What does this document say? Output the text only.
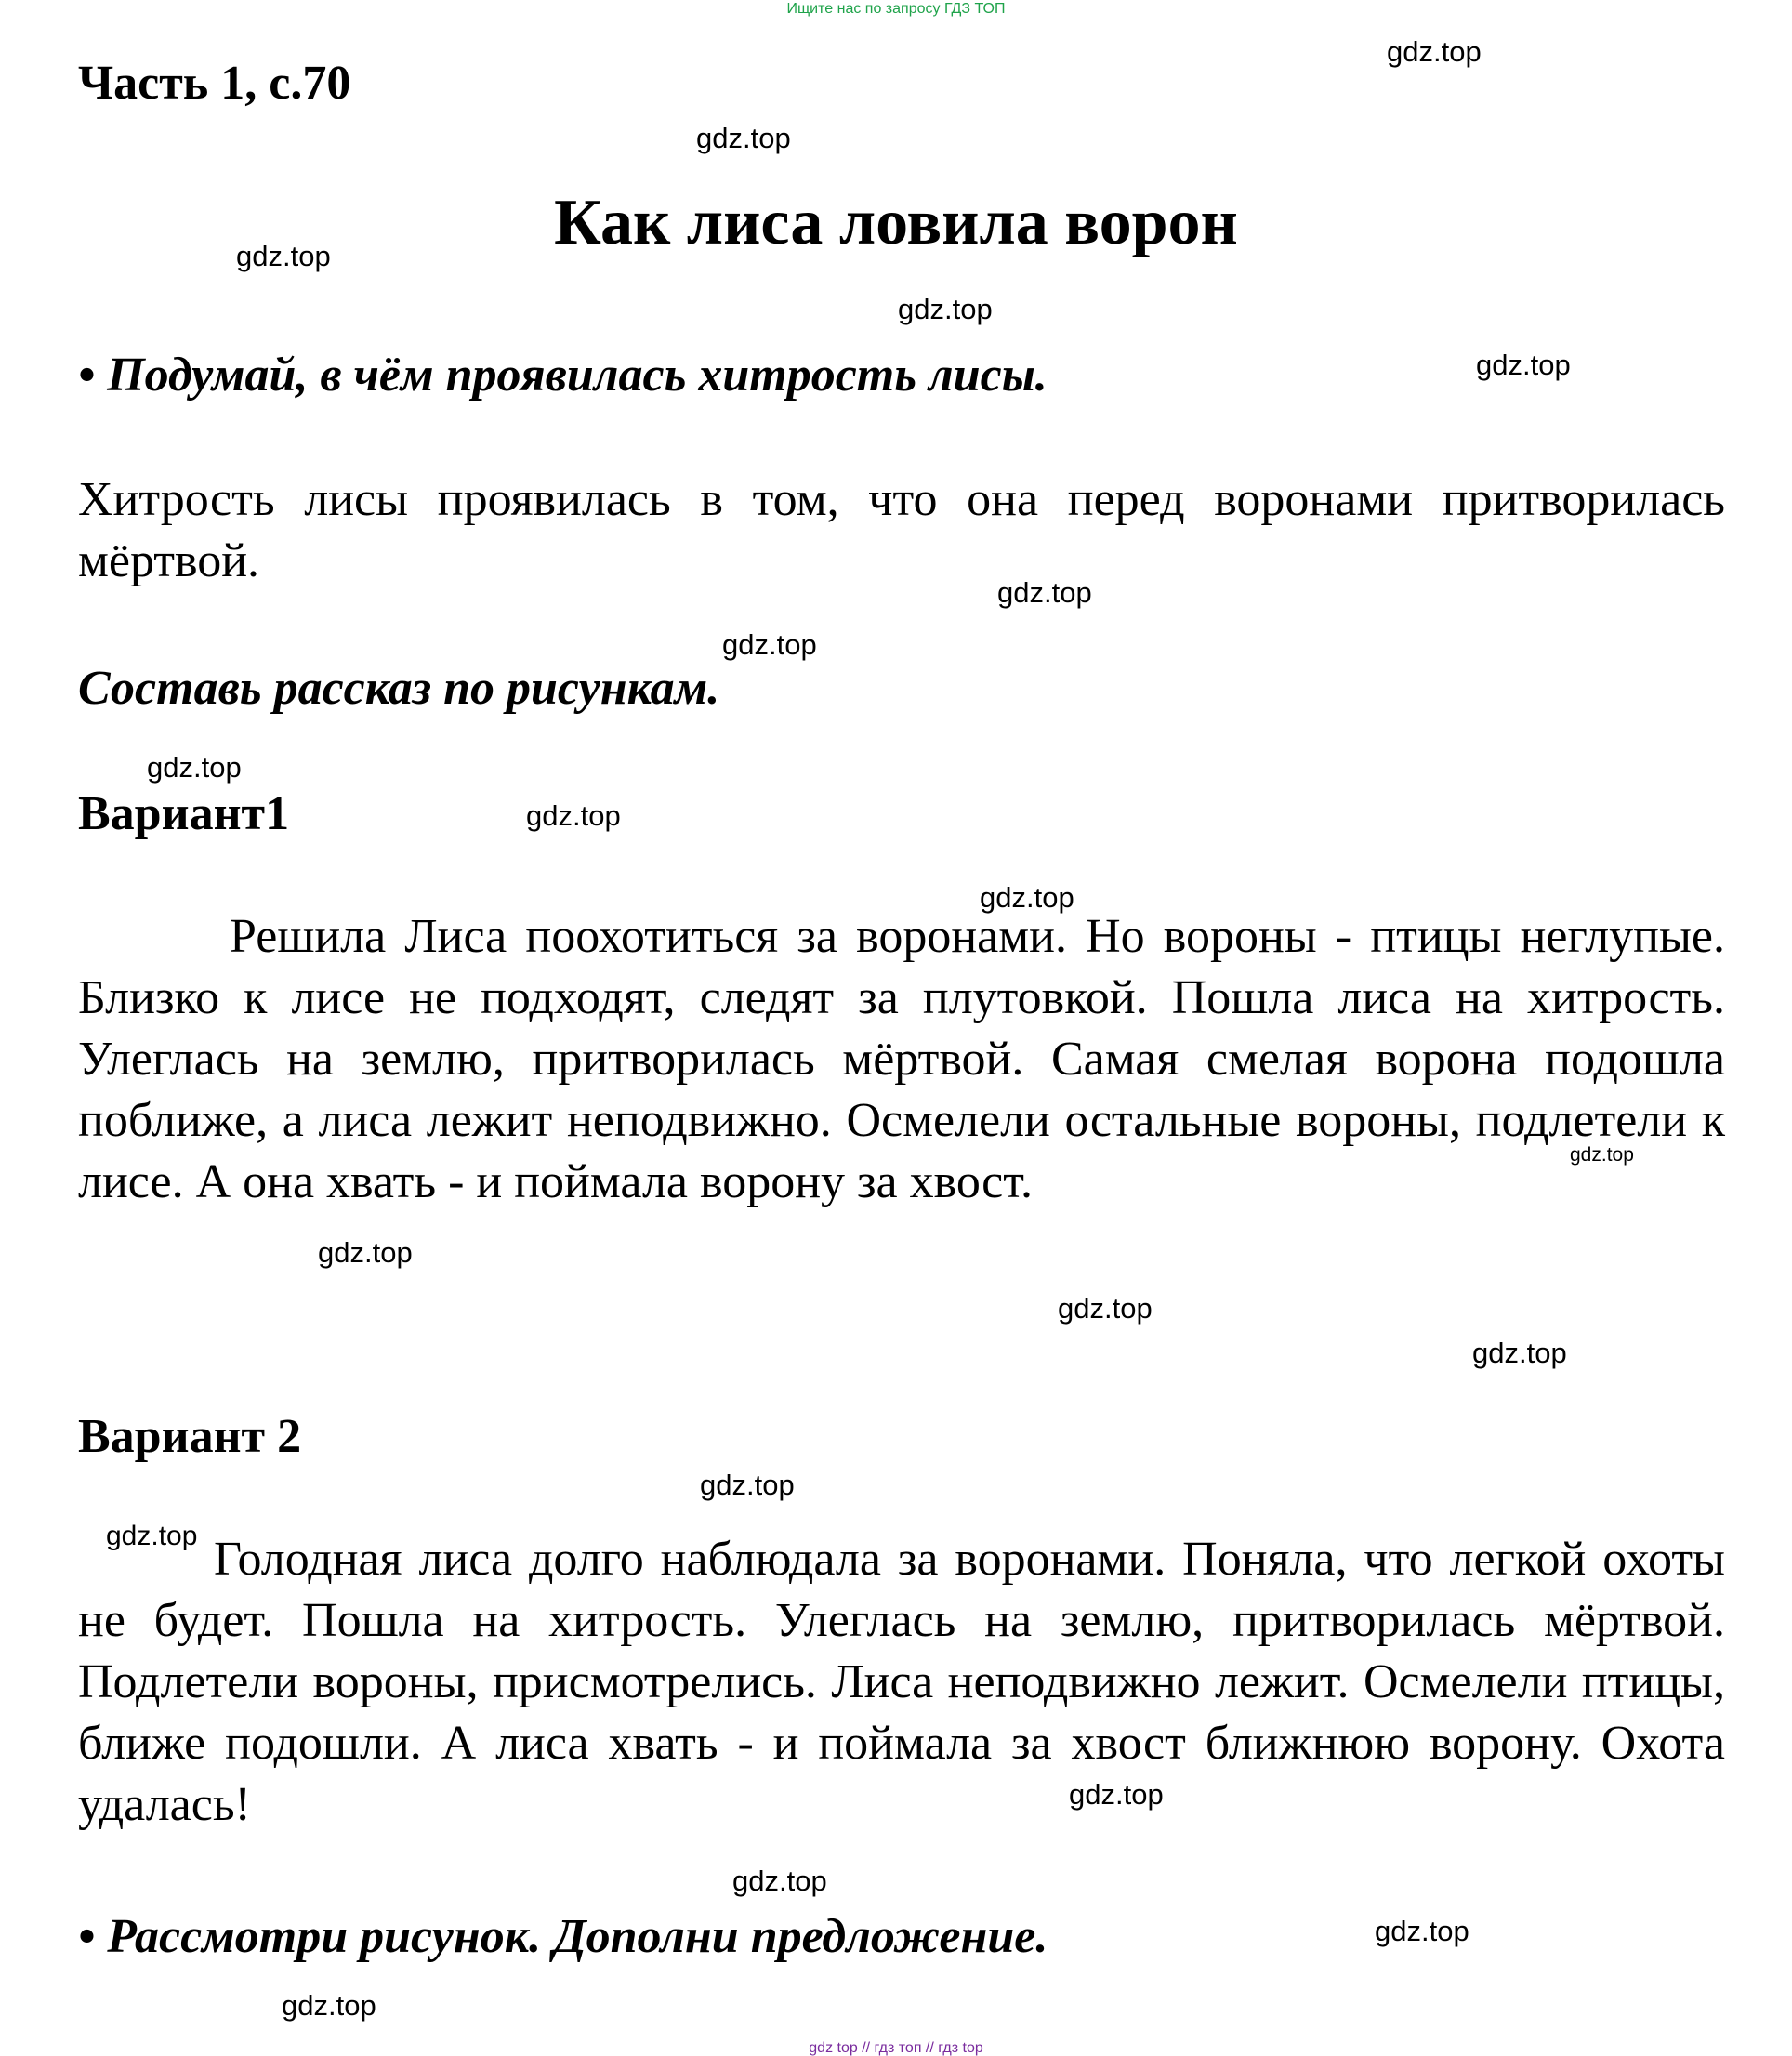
Ищите нас по запросу ГДЗ ТОП
Часть 1, с.70
Как лиса ловила ворон
• Подумай, в чём проявилась хитрость лисы.

Хитрость лисы проявилась в том, что она перед воронами притворилась мёртвой.

Составь рассказ по рисункам.
Вариант1

Решила Лиса поохотиться за воронами. Но вороны - птицы неглупые. Близко к лисе не подходят, следят за плутовкой. Пошла лиса на хитрость. Улеглась на землю, притворилась мёртвой. Самая смелая ворона подошла поближе, а лиса лежит неподвижно. Осмелели остальные вороны, подлетели к лисе. А она хвать - и поймала ворону за хвост.

Вариант 2

Голодная лиса долго наблюдала за воронами. Поняла, что легкой охоты не будет. Пошла на хитрость. Улеглась на землю, притворилась мёртвой. Подлетели вороны, присмотрелись. Лиса неподвижно лежит. Осмелели птицы, ближе подошли. А лиса хвать - и поймала за хвост ближнюю ворону. Охота удалась!

• Рассмотри рисунок. Дополни предложение.
gdz.top
gdz.top
gdz.top
gdz.top
gdz.top
gdz.top
gdz.top
gdz.top
gdz.top
gdz.top
gdz.top
gdz.top
gdz.top
gdz.top
gdz.top
gdz.top
gdz.top
gdz.top
gdz.top
gdz.top
gdz top // гдз топ // гдз top
